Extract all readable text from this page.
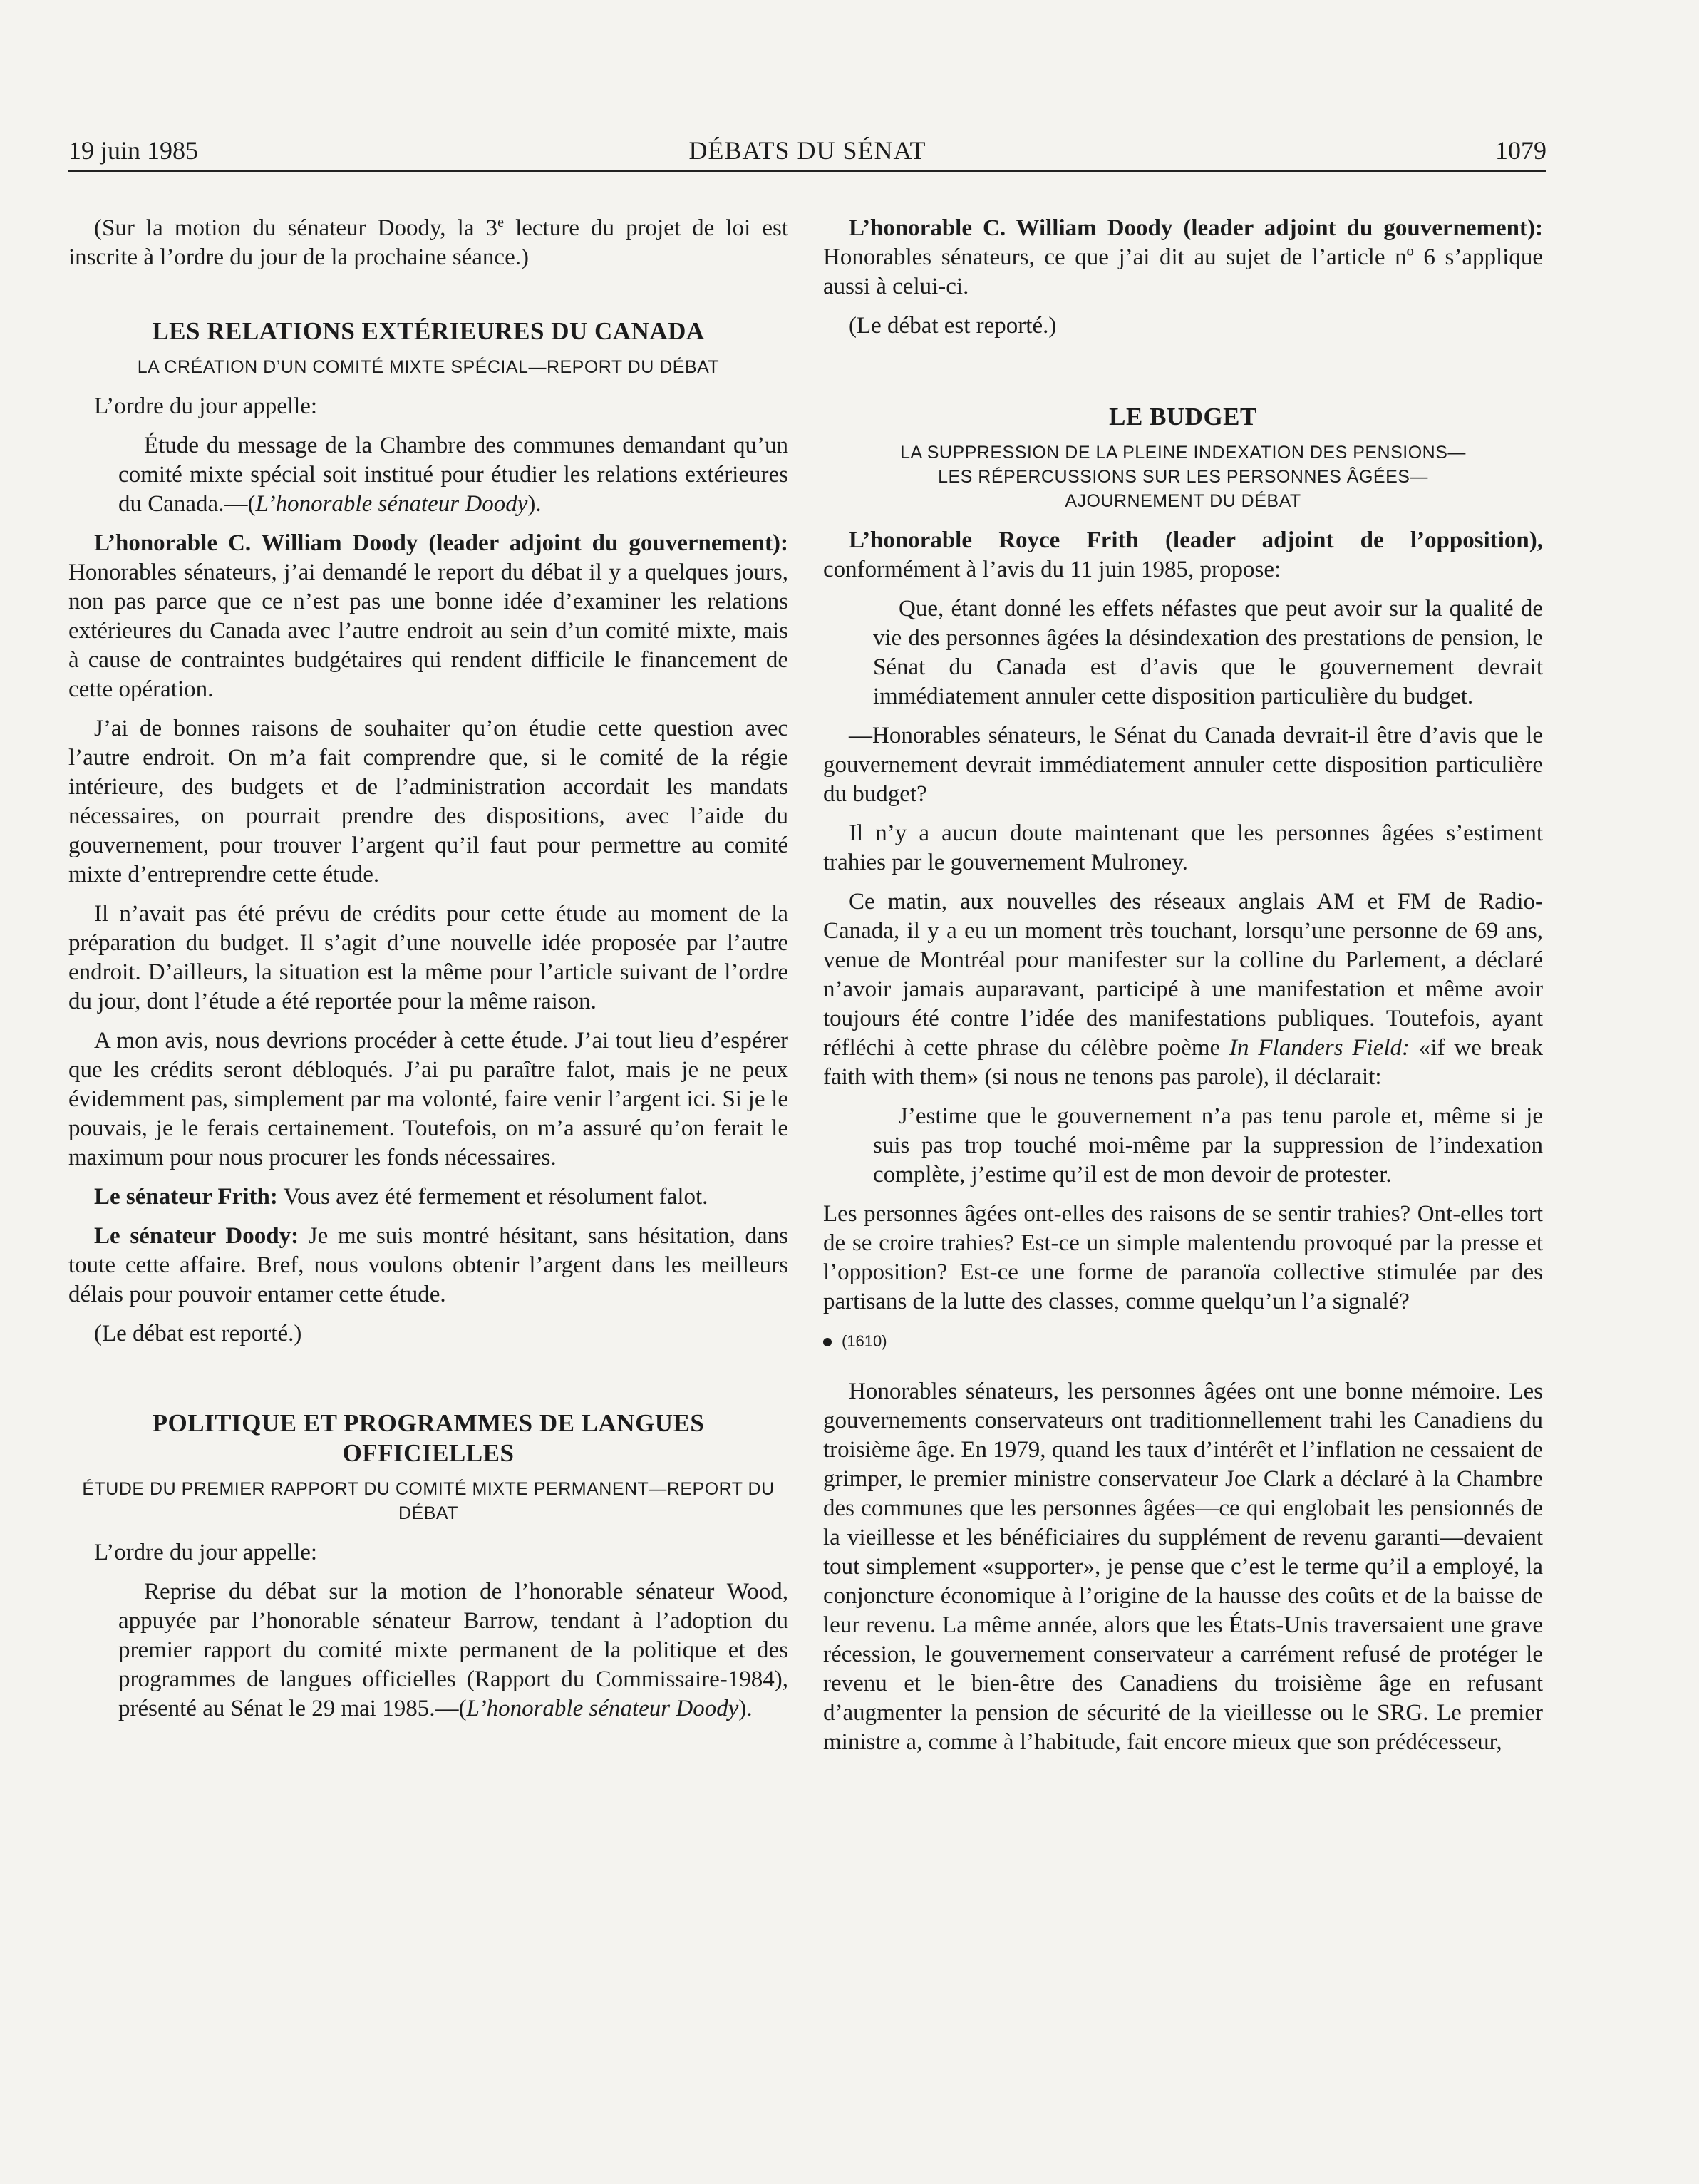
19 juin 1985	DÉBATS DU SÉNAT	1079

(Sur la motion du sénateur Doody, la 3e lecture du projet de loi est inscrite à l’ordre du jour de la prochaine séance.)

LES RELATIONS EXTÉRIEURES DU CANADA
LA CRÉATION D’UN COMITÉ MIXTE SPÉCIAL—REPORT DU DÉBAT

L’ordre du jour appelle:

Étude du message de la Chambre des communes demandant qu’un comité mixte spécial soit institué pour étudier les relations extérieures du Canada.—(L’honorable sénateur Doody).

L’honorable C. William Doody (leader adjoint du gouvernement): Honorables sénateurs, j’ai demandé le report du débat il y a quelques jours, non pas parce que ce n’est pas une bonne idée d’examiner les relations extérieures du Canada avec l’autre endroit au sein d’un comité mixte, mais à cause de contraintes budgétaires qui rendent difficile le financement de cette opération.

J’ai de bonnes raisons de souhaiter qu’on étudie cette question avec l’autre endroit. On m’a fait comprendre que, si le comité de la régie intérieure, des budgets et de l’administration accordait les mandats nécessaires, on pourrait prendre des dispositions, avec l’aide du gouvernement, pour trouver l’argent qu’il faut pour permettre au comité mixte d’entreprendre cette étude.

Il n’avait pas été prévu de crédits pour cette étude au moment de la préparation du budget. Il s’agit d’une nouvelle idée proposée par l’autre endroit. D’ailleurs, la situation est la même pour l’article suivant de l’ordre du jour, dont l’étude a été reportée pour la même raison.

A mon avis, nous devrions procéder à cette étude. J’ai tout lieu d’espérer que les crédits seront débloqués. J’ai pu paraître falot, mais je ne peux évidemment pas, simplement par ma volonté, faire venir l’argent ici. Si je le pouvais, je le ferais certainement. Toutefois, on m’a assuré qu’on ferait le maximum pour nous procurer les fonds nécessaires.

Le sénateur Frith: Vous avez été fermement et résolument falot.

Le sénateur Doody: Je me suis montré hésitant, sans hésitation, dans toute cette affaire. Bref, nous voulons obtenir l’argent dans les meilleurs délais pour pouvoir entamer cette étude.

(Le débat est reporté.)

POLITIQUE ET PROGRAMMES DE LANGUES OFFICIELLES
ÉTUDE DU PREMIER RAPPORT DU COMITÉ MIXTE PERMANENT—REPORT DU DÉBAT

L’ordre du jour appelle:

Reprise du débat sur la motion de l’honorable sénateur Wood, appuyée par l’honorable sénateur Barrow, tendant à l’adoption du premier rapport du comité mixte permanent de la politique et des programmes de langues officielles (Rapport du Commissaire-1984), présenté au Sénat le 29 mai 1985.—(L’honorable sénateur Doody).

L’honorable C. William Doody (leader adjoint du gouvernement): Honorables sénateurs, ce que j’ai dit au sujet de l’article nº 6 s’applique aussi à celui-ci.

(Le débat est reporté.)

LE BUDGET
LA SUPPRESSION DE LA PLEINE INDEXATION DES PENSIONS—
LES RÉPERCUSSIONS SUR LES PERSONNES ÂGÉES—
AJOURNEMENT DU DÉBAT

L’honorable Royce Frith (leader adjoint de l’opposition), conformément à l’avis du 11 juin 1985, propose:

Que, étant donné les effets néfastes que peut avoir sur la qualité de vie des personnes âgées la désindexation des prestations de pension, le Sénat du Canada est d’avis que le gouvernement devrait immédiatement annuler cette disposition particulière du budget.

—Honorables sénateurs, le Sénat du Canada devrait-il être d’avis que le gouvernement devrait immédiatement annuler cette disposition particulière du budget?

Il n’y a aucun doute maintenant que les personnes âgées s’estiment trahies par le gouvernement Mulroney.

Ce matin, aux nouvelles des réseaux anglais AM et FM de Radio-Canada, il y a eu un moment très touchant, lorsqu’une personne de 69 ans, venue de Montréal pour manifester sur la colline du Parlement, a déclaré n’avoir jamais auparavant, participé à une manifestation et même avoir toujours été contre l’idée des manifestations publiques. Toutefois, ayant réfléchi à cette phrase du célèbre poème In Flanders Field: «if we break faith with them» (si nous ne tenons pas parole), il déclarait:

J’estime que le gouvernement n’a pas tenu parole et, même si je suis pas trop touché moi-même par la suppression de l’indexation complète, j’estime qu’il est de mon devoir de protester.

Les personnes âgées ont-elles des raisons de se sentir trahies? Ont-elles tort de se croire trahies? Est-ce un simple malentendu provoqué par la presse et l’opposition? Est-ce une forme de paranoïa collective stimulée par des partisans de la lutte des classes, comme quelqu’un l’a signalé?

(1610)

Honorables sénateurs, les personnes âgées ont une bonne mémoire. Les gouvernements conservateurs ont traditionnellement trahi les Canadiens du troisième âge. En 1979, quand les taux d’intérêt et l’inflation ne cessaient de grimper, le premier ministre conservateur Joe Clark a déclaré à la Chambre des communes que les personnes âgées—ce qui englobait les pensionnés de la vieillesse et les bénéficiaires du supplément de revenu garanti—devaient tout simplement «supporter», je pense que c’est le terme qu’il a employé, la conjoncture économique à l’origine de la hausse des coûts et de la baisse de leur revenu. La même année, alors que les États-Unis traversaient une grave récession, le gouvernement conservateur a carrément refusé de protéger le revenu et le bien-être des Canadiens du troisième âge en refusant d’augmenter la pension de sécurité de la vieillesse ou le SRG. Le premier ministre a, comme à l’habitude, fait encore mieux que son prédécesseur,
